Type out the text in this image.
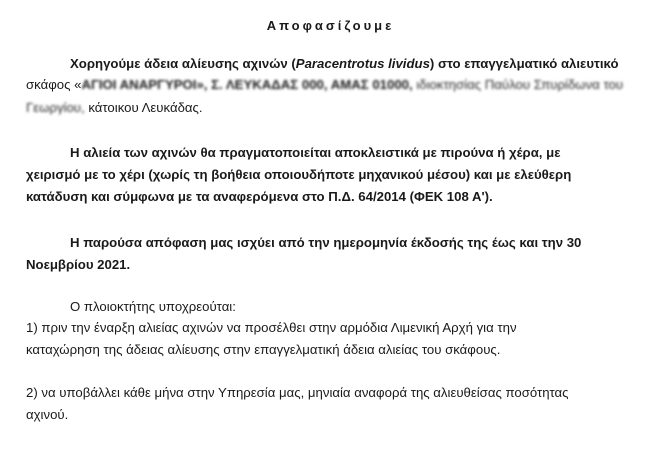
Αποφασίζουμε
Χορηγούμε άδεια αλίευσης αχινών (Paracentrotus lividus) στο επαγγελματικό αλιευτικό
σκάφος «ΑΓΙΟΙ ΑΝΑΡΓΥΡΟΙ», Σ. ΛΕΥΚΑΔΑΣ 000, ΑΜΑΣ 01000, ιδιοκτησίας Παύλου Σπυρίδωνα του
Γεωργίου, κάτοικου Λευκάδας.
Η αλιεία των αχινών θα πραγματοποιείται αποκλειστικά με πιρούνα ή χέρα, με
χειρισμό με το χέρι (χωρίς τη βοήθεια οποιουδήποτε μηχανικού μέσου) και με ελεύθερη
κατάδυση και σύμφωνα με τα αναφερόμενα στο Π.Δ. 64/2014 (ΦΕΚ 108 Α').
Η παρούσα απόφαση μας ισχύει από την ημερομηνία έκδοσής της έως και την 30
Νοεμβρίου 2021.
Ο πλοιοκτήτης υποχρεούται:
1) πριν την έναρξη αλιείας αχινών να προσέλθει στην αρμόδια Λιμενική Αρχή για την
καταχώρηση της άδειας αλίευσης στην επαγγελματική άδεια αλιείας του σκάφους.
2) να υποβάλλει κάθε μήνα στην Υπηρεσία μας, μηνιαία αναφορά της αλιευθείσας ποσότητας
αχινού.
